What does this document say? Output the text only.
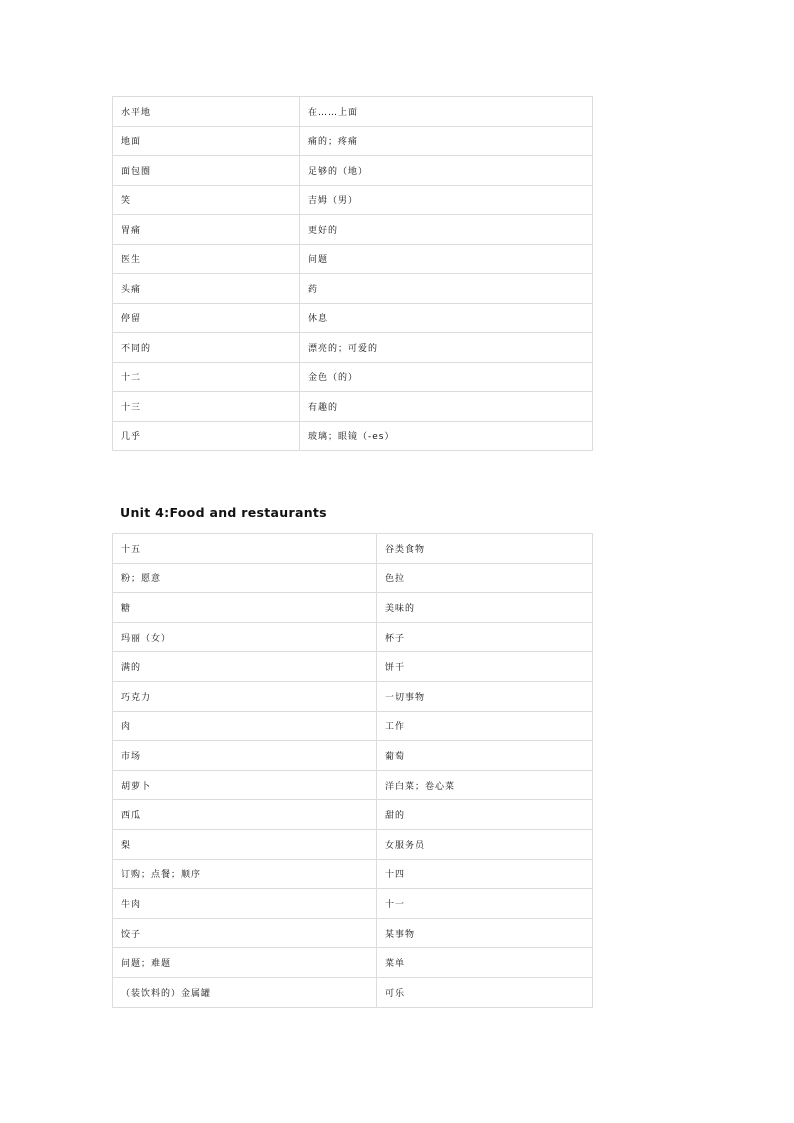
水平地	在……上面
地面	痛的；疼痛
面包圈	足够的（地）
笑	吉姆（男）
胃痛	更好的
医生	问题
头痛	药
停留	休息
不同的	漂亮的；可爱的
十二	金色（的）
十三	有趣的
几乎	玻璃；眼镜（-es）
Unit 4:Food and restaurants
十五	谷类食物
粉；愿意	色拉
糖	美味的
玛丽（女）	杯子
满的	饼干
巧克力	一切事物
肉	工作
市场	葡萄
胡萝卜	洋白菜；卷心菜
西瓜	甜的
梨	女服务员
订购；点餐；顺序	十四
牛肉	十一
饺子	某事物
问题；难题	菜单
（装饮料的）金属罐	可乐
